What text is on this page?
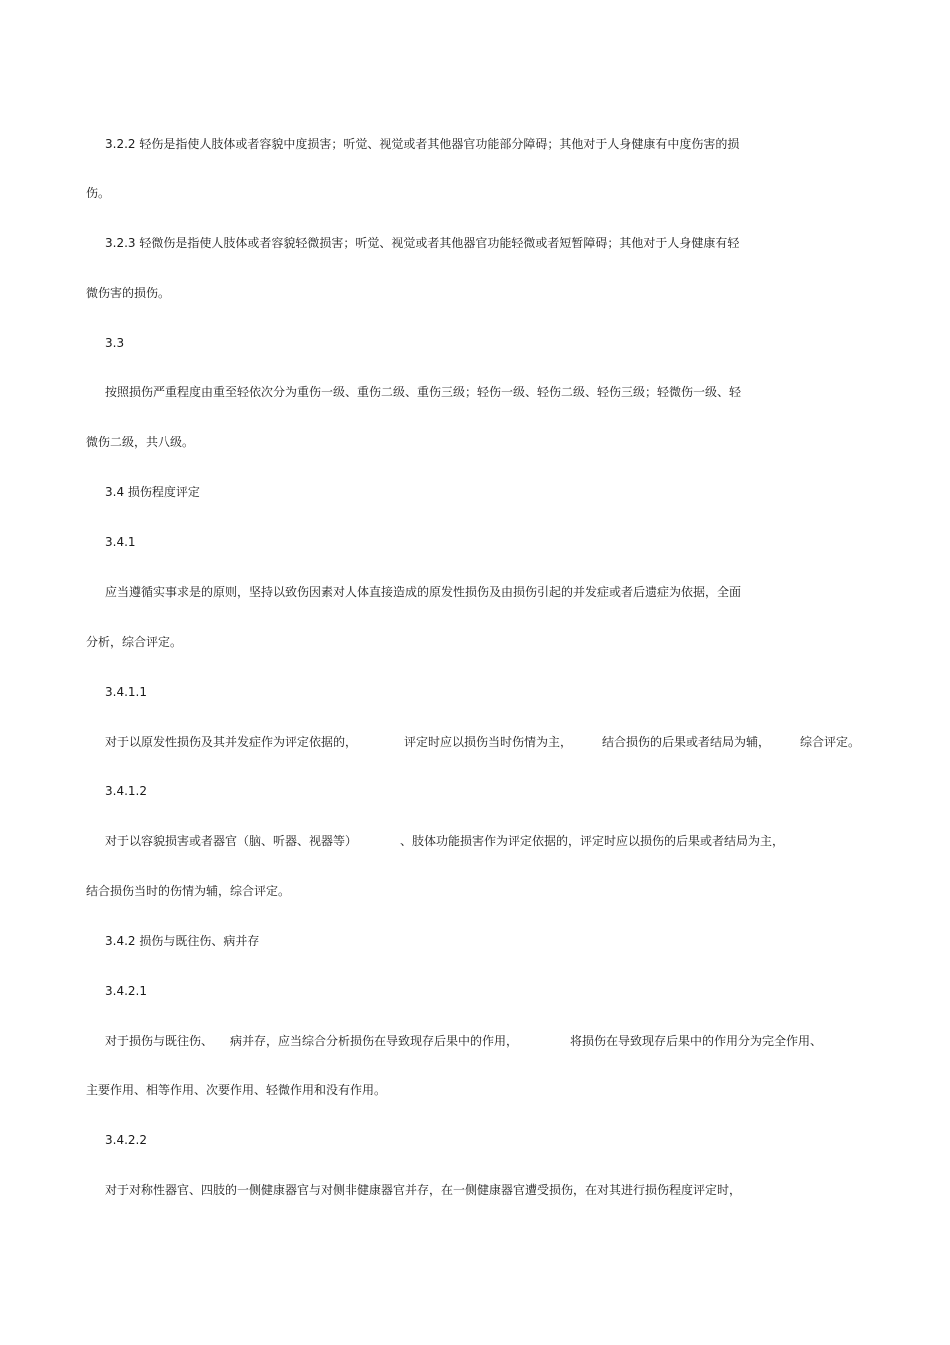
3.2.2 轻伤是指使人肢体或者容貌中度损害；听觉、视觉或者其他器官功能部分障碍；其他对于人身健康有中度伤害的损
伤。
3.2.3 轻微伤是指使人肢体或者容貌轻微损害；听觉、视觉或者其他器官功能轻微或者短暂障碍；其他对于人身健康有轻
微伤害的损伤。
3.3
按照损伤严重程度由重至轻依次分为重伤一级、重伤二级、重伤三级；轻伤一级、轻伤二级、轻伤三级；轻微伤一级、轻
微伤二级，共八级。
3.4 损伤程度评定
3.4.1
应当遵循实事求是的原则，坚持以致伤因素对人体直接造成的原发性损伤及由损伤引起的并发症或者后遗症为依据，全面
分析，综合评定。
3.4.1.1
对于以原发性损伤及其并发症作为评定依据的，	评定时应以损伤当时伤情为主， 结合损伤的后果或者结局为辅， 综合评定。
3.4.1.2
对于以容貌损害或者器官（脑、听器、视器等）	、肢体功能损害作为评定依据的，评定时应以损伤的后果或者结局为主，
结合损伤当时的伤情为辅，综合评定。
3.4.2 损伤与既往伤、病并存
3.4.2.1
对于损伤与既往伤、 病并存，应当综合分析损伤在导致现存后果中的作用，	将损伤在导致现存后果中的作用分为完全作用、
主要作用、相等作用、次要作用、轻微作用和没有作用。
3.4.2.2
对于对称性器官、四肢的一侧健康器官与对侧非健康器官并存，在一侧健康器官遭受损伤，在对其进行损伤程度评定时，
